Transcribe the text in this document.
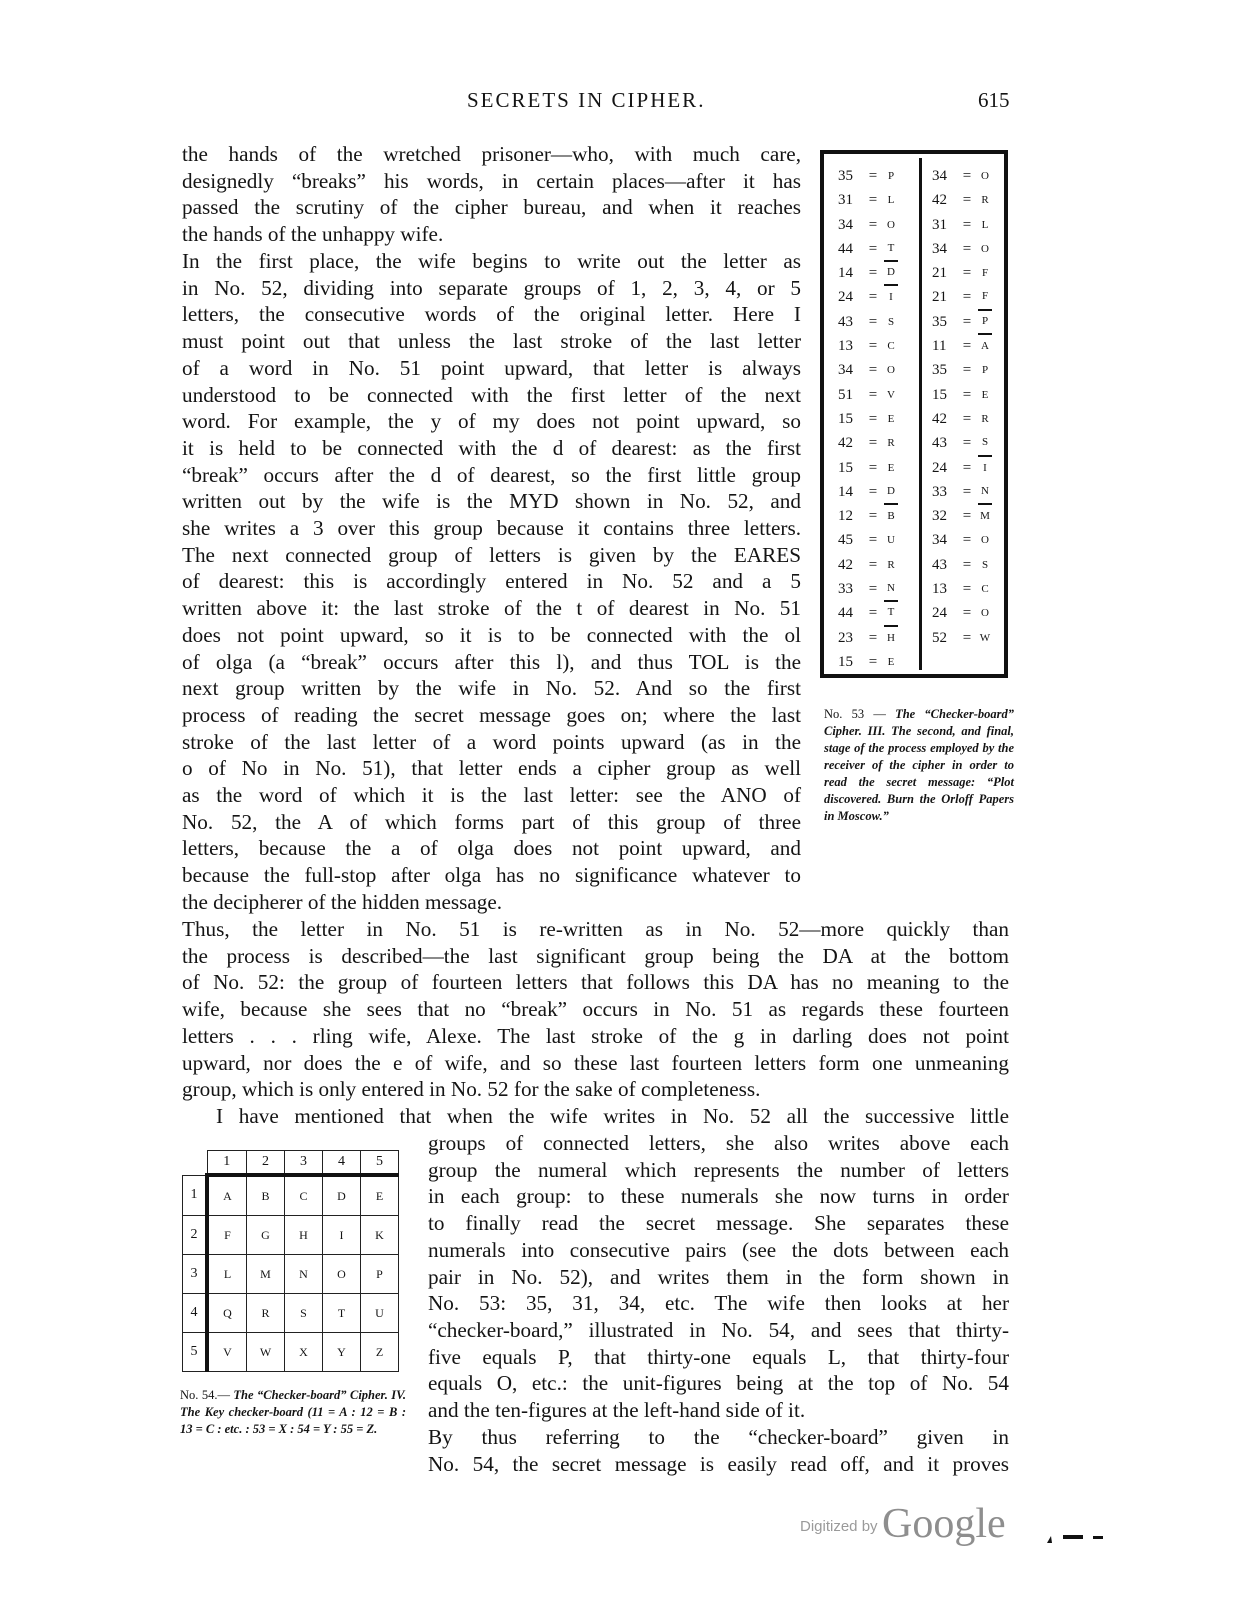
SECRETS IN CIPHER.	615
the hands of the wretched prisoner—who, with much care,
designedly “breaks” his words, in certain places—after it has
passed the scrutiny of the cipher bureau, and when it reaches
the hands of the unhappy wife.
In the first place, the wife begins to write out the letter as
in No. 52, dividing into separate groups of 1, 2, 3, 4, or 5
letters, the consecutive words of the original letter. Here I
must point out that unless the last stroke of the last letter
of a word in No. 51 point upward, that letter is always
understood to be connected with the first letter of the next
word. For example, the y of my does not point upward, so
it is held to be connected with the d of dearest: as the first
“break” occurs after the d of dearest, so the first little group
written out by the wife is the MYD shown in No. 52, and
she writes a 3 over this group because it contains three letters.
The next connected group of letters is given by the EARES
of dearest: this is accordingly entered in No. 52 and a 5
written above it: the last stroke of the t of dearest in No. 51
does not point upward, so it is to be connected with the ol
of olga (a “break” occurs after this l), and thus TOL is the
next group written by the wife in No. 52. And so the first
process of reading the secret message goes on; where the last
stroke of the last letter of a word points upward (as in the
o of No in No. 51), that letter ends a cipher group as well
as the word of which it is the last letter: see the ANO of
No. 52, the A of which forms part of this group of three
letters, because the a of olga does not point upward, and
because the full-stop after olga has no significance whatever to
the decipherer of the hidden message.
Thus, the letter in No. 51 is re-written as in No. 52—more quickly than
the process is described—the last significant group being the DA at the bottom
of No. 52: the group of fourteen letters that follows this DA has no meaning to the
wife, because she sees that no “break” occurs in No. 51 as regards these fourteen
letters . . . rling wife, Alexe. The last stroke of the g in darling does not point
upward, nor does the e of wife, and so these last fourteen letters form one unmeaning
group, which is only entered in No. 52 for the sake of completeness.
I have mentioned that when the wife writes in No. 52 all the successive little
groups of connected letters, she also writes above each
group the numeral which represents the number of letters
in each group: to these numerals she now turns in order
to finally read the secret message. She separates these
numerals into consecutive pairs (see the dots between each
pair in No. 52), and writes them in the form shown in
No. 53: 35, 31, 34, etc. The wife then looks at her
“checker-board,” illustrated in No. 54, and sees that thirty-
five equals P, that thirty-one equals L, that thirty-four
equals O, etc.: the unit-figures being at the top of No. 54
and the ten-figures at the left-hand side of it.
By thus referring to the “checker-board” given in
No. 54, the secret message is easily read off, and it proves
35	= P
31	= L
34	= O
44	= T
14	= D
24	=	I
43	= S
13	= C
34	= O
51	= V
15	= E
42	= R
15	= E
14	= D
12	= B
45	= U
42	= R
33	= N
44	= T
23	= H
15	= E
34	= O
42	= R
31	= L
34	= O
21	= F
21	= F
35	= P
11	= A
35	= P
15	= E
42	= R
43	= S
24	=	I
33	= N
32	= M
34	= O
43	= S
13	= C
24	= O
52	= W
No. 53 — The “Checker-board” Cipher. III. The second, and final, stage of the process employed by the receiver of the cipher in order to read the secret message: “Plot discovered. Burn the Orloff Papers in Moscow.”
	1	2	3	4	5
1	A	B	C	D	E
2	F	G	H	I	K
3	L	M	N	O	P
4	Q	R	S	T	U
5	V	W	X	Y	Z
No. 54.— The “Checker-board” Cipher. IV. The Key checker-board (11 = A : 12 = B : 13 = C : etc. : 53 = X : 54 = Y : 55 = Z.
Digitized by Google
